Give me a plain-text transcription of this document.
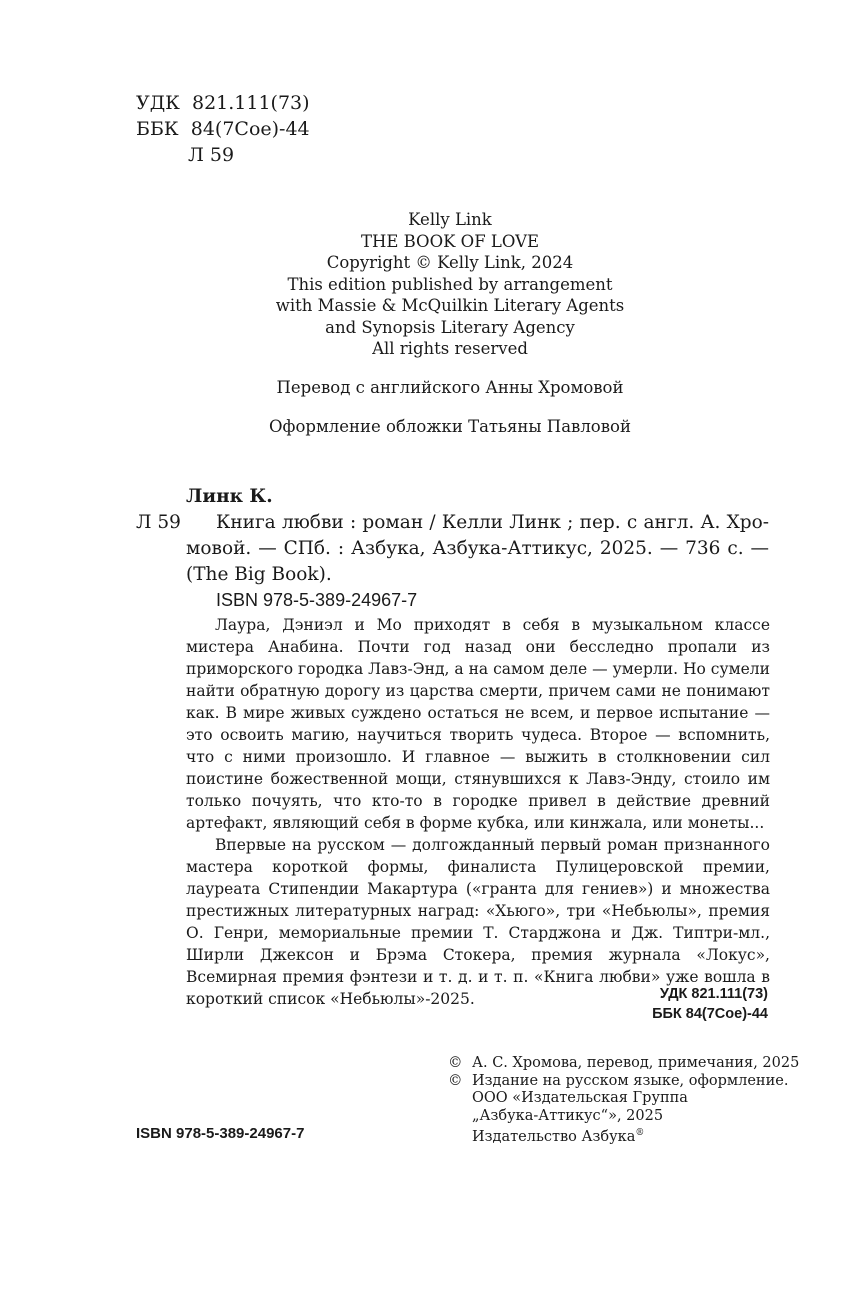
УДК 821.111(73)
ББК 84(7Сое)-44
Л 59
Kelly Link
THE BOOK OF LOVE
Copyright © Kelly Link, 2024
This edition published by arrangement
with Massie & McQuilkin Literary Agents
and Synopsis Literary Agency
All rights reserved
Перевод с английского Анны Хромовой
Оформление обложки Татьяны Павловой
Линк К.
Л 59 Книга любви : роман / Келли Линк ; пер. с англ. А. Хро-
мовой. — СПб. : Азбука, Азбука-Аттикус, 2025. — 736 с. —
(The Big Book).
ISBN 978-5-389-24967-7

Лаура, Дэниэл и Мо приходят в себя в музыкальном классе мистера Анабина. Почти год назад они бесследно пропали из приморского городка Лавз-Энд, а на самом деле — умерли. Но сумели найти обратную дорогу из царства смерти, причем сами не понимают как. В мире живых суждено остаться не всем, и первое испытание — это освоить магию, научиться творить чудеса. Второе — вспомнить, что с ними произошло. И главное — выжить в столкновении сил поистине божественной мощи, стянувшихся к Лавз-Энду, стоило им только почуять, что кто-то в городке привел в действие древний артефакт, являющий себя в форме кубка, или кинжала, или монеты...

Впервые на русском — долгожданный первый роман признанного мастера короткой формы, финалиста Пулицеровской премии, лауреата Стипендии Макартура («гранта для гениев») и множества престижных литературных наград: «Хьюго», три «Небьюлы», премия О. Генри, мемориальные премии Т. Старджона и Дж. Типтри-мл., Ширли Джексон и Брэма Стокера, премия журнала «Локус», Всемирная премия фэнтези и т. д. и т. п. «Книга любви» уже вошла в короткий список «Небьюлы»-2025.	УДК 821.111(73)
ББК 84(7Сое)-44
© А. С. Хромова, перевод, примечания, 2025
© Издание на русском языке, оформление.
ООО «Издательская Группа
„Азбука-Аттикус“», 2025
Издательство Азбука®
ISBN 978-5-389-24967-7
